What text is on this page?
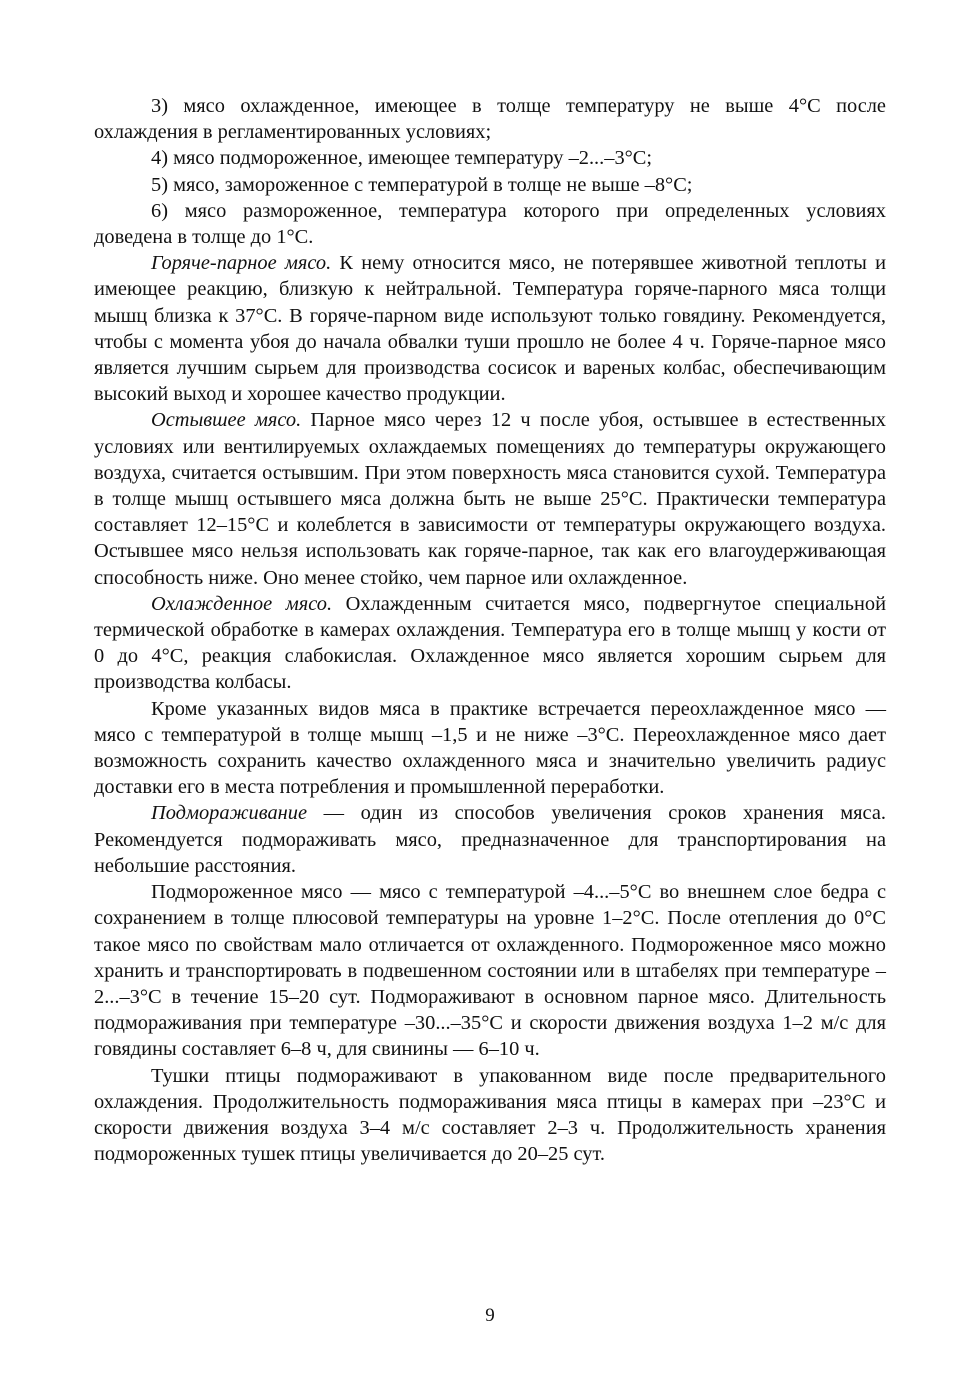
3) мясо охлажденное, имеющее в толще температуру не выше 4°С после охлаждения в регламентированных условиях;

4) мясо подмороженное, имеющее температуру –2...–3°С;

5) мясо, замороженное с температурой в толще не выше –8°С;

6) мясо размороженное, температура которого при определенных условиях доведена в толще до 1°С.

Горяче-парное мясо. К нему относится мясо, не потерявшее животной теплоты и имеющее реакцию, близкую к нейтральной. Температура горяче-парного мяса толщи мышц близка к 37°С. В горяче-парном виде используют только говядину. Рекомендуется, чтобы с момента убоя до начала обвалки туши прошло не более 4 ч. Горяче-парное мясо является лучшим сырьем для производства сосисок и вареных колбас, обеспечивающим высокий выход и хорошее качество продукции.

Остывшее мясо. Парное мясо через 12 ч после убоя, остывшее в естественных условиях или вентилируемых охлаждаемых помещениях до температуры окружающего воздуха, считается остывшим. При этом поверхность мяса становится сухой. Температура в толще мышц остывшего мяса должна быть не выше 25°С. Практически температура составляет 12–15°С и колеблется в зависимости от температуры окружающего воздуха. Остывшее мясо нельзя использовать как горяче-парное, так как его влагоудерживающая способность ниже. Оно менее стойко, чем парное или охлажденное.

Охлажденное мясо. Охлажденным считается мясо, подвергнутое специальной термической обработке в камерах охлаждения. Температура его в толще мышц у кости от 0 до 4°С, реакция слабокислая. Охлажденное мясо является хорошим сырьем для производства колбасы.

Кроме указанных видов мяса в практике встречается переохлажденное мясо — мясо с температурой в толще мышц –1,5 и не ниже –3°С. Переохлажденное мясо дает возможность сохранить качество охлажденного мяса и значительно увеличить радиус доставки его в места потребления и промышленной переработки.

Подмораживание — один из способов увеличения сроков хранения мяса. Рекомендуется подмораживать мясо, предназначенное для транспортирования на небольшие расстояния.

Подмороженное мясо — мясо с температурой –4...–5°С во внешнем слое бедра с сохранением в толще плюсовой температуры на уровне 1–2°С. После отепления до 0°С такое мясо по свойствам мало отличается от охлажденного. Подмороженное мясо можно хранить и транспортировать в подвешенном состоянии или в штабелях при температуре –2...–3°С в течение 15–20 сут. Подмораживают в основном парное мясо. Длительность подмораживания при температуре –30...–35°С и скорости движения воздуха 1–2 м/с для говядины составляет 6–8 ч, для свинины — 6–10 ч.

Тушки птицы подмораживают в упакованном виде после предварительного охлаждения. Продолжительность подмораживания мяса птицы в камерах при –23°С и скорости движения воздуха 3–4 м/с составляет 2–3 ч. Продолжительность хранения подмороженных тушек птицы увеличивается до 20–25 сут.

9
